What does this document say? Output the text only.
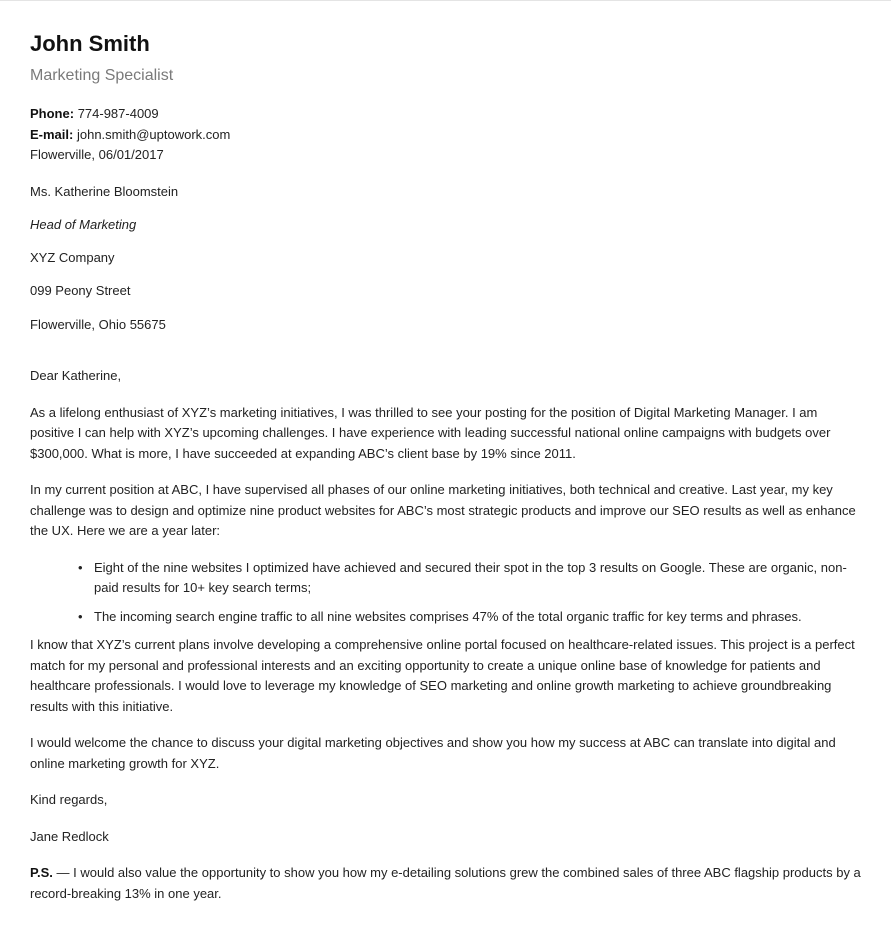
John Smith
Marketing Specialist
Phone: 774-987-4009
E-mail: john.smith@uptowork.com
Flowerville, 06/01/2017

Ms. Katherine Bloomstein

Head of Marketing

XYZ Company

099 Peony Street

Flowerville, Ohio 55675

Dear Katherine,

As a lifelong enthusiast of XYZ’s marketing initiatives, I was thrilled to see your posting for the position of Digital Marketing Manager. I am positive I can help with XYZ’s upcoming challenges. I have experience with leading successful national online campaigns with budgets over $300,000. What is more, I have succeeded at expanding ABC’s client base by 19% since 2011.

In my current position at ABC, I have supervised all phases of our online marketing initiatives, both technical and creative. Last year, my key challenge was to design and optimize nine product websites for ABC’s most strategic products and improve our SEO results as well as enhance the UX. Here we are a year later:

• Eight of the nine websites I optimized have achieved and secured their spot in the top 3 results on Google. These are organic, non-paid results for 10+ key search terms;
• The incoming search engine traffic to all nine websites comprises 47% of the total organic traffic for key terms and phrases.

I know that XYZ’s current plans involve developing a comprehensive online portal focused on healthcare-related issues. This project is a perfect match for my personal and professional interests and an exciting opportunity to create a unique online base of knowledge for patients and healthcare professionals. I would love to leverage my knowledge of SEO marketing and online growth marketing to achieve groundbreaking results with this initiative.

I would welcome the chance to discuss your digital marketing objectives and show you how my success at ABC can translate into digital and online marketing growth for XYZ.

Kind regards,

Jane Redlock

P.S. — I would also value the opportunity to show you how my e-detailing solutions grew the combined sales of three ABC flagship products by a record-breaking 13% in one year.
